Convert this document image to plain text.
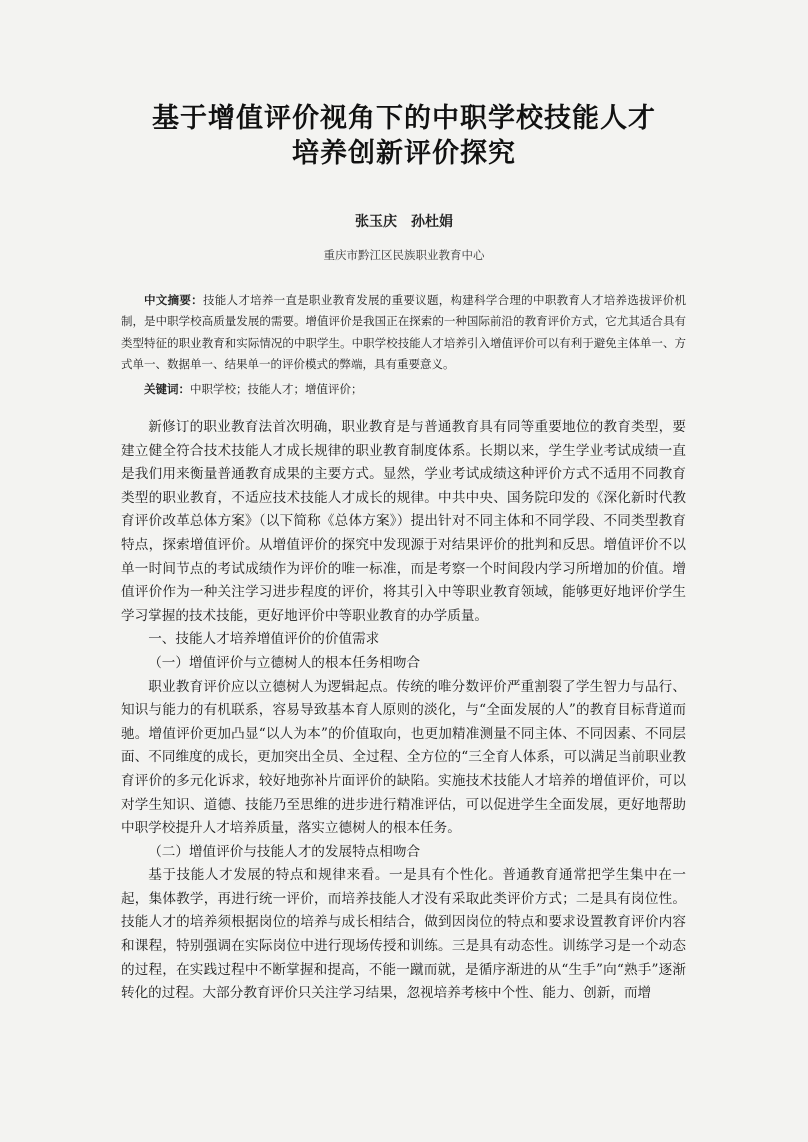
基于增值评价视角下的中职学校技能人才
培养创新评价探究
张玉庆 孙杜娟
重庆市黔江区民族职业教育中心

中文摘要：技能人才培养一直是职业教育发展的重要议题，构建科学合理的中职教育人才培养选拔评价机制，是中职学校高质量发展的需要。增值评价是我国正在探索的一种国际前沿的教育评价方式，它尤其适合具有类型特征的职业教育和实际情况的中职学生。中职学校技能人才培养引入增值评价可以有利于避免主体单一、方式单一、数据单一、结果单一的评价模式的弊端，具有重要意义。

关键词：中职学校；技能人才；增值评价；

新修订的职业教育法首次明确，职业教育是与普通教育具有同等重要地位的教育类型，要建立健全符合技术技能人才成长规律的职业教育制度体系。长期以来，学生学业考试成绩一直是我们用来衡量普通教育成果的主要方式。显然，学业考试成绩这种评价方式不适用不同教育类型的职业教育，不适应技术技能人才成长的规律。中共中央、国务院印发的《深化新时代教育评价改革总体方案》（以下简称《总体方案》）提出针对不同主体和不同学段、不同类型教育特点，探索增值评价。从增值评价的探究中发现源于对结果评价的批判和反思。增值评价不以单一时间节点的考试成绩作为评价的唯一标准，而是考察一个时间段内学习所增加的价值。增值评价作为一种关注学习进步程度的评价，将其引入中等职业教育领域，能够更好地评价学生学习掌握的技术技能，更好地评价中等职业教育的办学质量。

一、技能人才培养增值评价的价值需求
（一）增值评价与立德树人的根本任务相吻合

职业教育评价应以立德树人为逻辑起点。传统的唯分数评价严重割裂了学生智力与品行、知识与能力的有机联系，容易导致基本育人原则的淡化，与“全面发展的人”的教育目标背道而驰。增值评价更加凸显“以人为本”的价值取向，也更加精准测量不同主体、不同因素、不同层面、不同维度的成长，更加突出全员、全过程、全方位的“三全育人体系，可以满足当前职业教育评价的多元化诉求，较好地弥补片面评价的缺陷。实施技术技能人才培养的增值评价，可以对学生知识、道德、技能乃至思维的进步进行精准评估，可以促进学生全面发展，更好地帮助中职学校提升人才培养质量，落实立德树人的根本任务。

（二）增值评价与技能人才的发展特点相吻合

基于技能人才发展的特点和规律来看。一是具有个性化。普通教育通常把学生集中在一起，集体教学，再进行统一评价，而培养技能人才没有采取此类评价方式；二是具有岗位性。技能人才的培养须根据岗位的培养与成长相结合，做到因岗位的特点和要求设置教育评价内容和课程，特别强调在实际岗位中进行现场传授和训练。三是具有动态性。训练学习是一个动态的过程，在实践过程中不断掌握和提高，不能一蹴而就，是循序渐进的从“生手”向“熟手”逐渐转化的过程。大部分教育评价只关注学习结果，忽视培养考核中个性、能力、创新，而增
